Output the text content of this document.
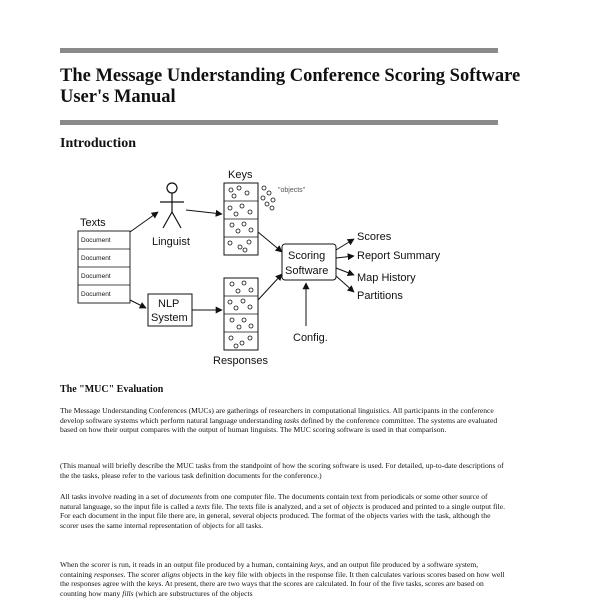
The Message Understanding Conference Scoring Software
User's Manual
Introduction
Texts
Document
Document
Document
Document
Linguist
NLP
System
Keys
"objects"
Responses
Scoring
Software
Config.
Scores
Report Summary
Map History
Partitions
The "MUC" Evaluation

The Message Understanding Conferences (MUCs) are gatherings of researchers in computational linguistics. All participants in the conference develop software systems which perform natural language understanding tasks defined by the conference committee. The systems are evaluated based on how their output compares with the output of human linguists. The MUC scoring software is used in that comparison.

(This manual will briefly describe the MUC tasks from the standpoint of how the scoring software is used. For detailed, up-to-date descriptions of the the tasks, please refer to the various task definition documents for the conference.)

All tasks involve reading in a set of documents from one computer file. The documents contain text from periodicals or some other source of natural language, so the input file is called a texts file. The texts file is analyzed, and a set of objects is produced and printed to a single output file. For each document in the input file there are, in general, several objects produced. The format of the objects varies with the task, although the scorer uses the same internal representation of objects for all tasks.

When the scorer is run, it reads in an output file produced by a human, containing keys, and an output file produced by a software system, containing responses. The scorer aligns objects in the key file with objects in the response file. It then calculates various scores based on how well the responses agree with the keys. At present, there are two ways that the scores are calculated. In four of the five tasks, scores are based on counting how many fills (which are substructures of the objects
